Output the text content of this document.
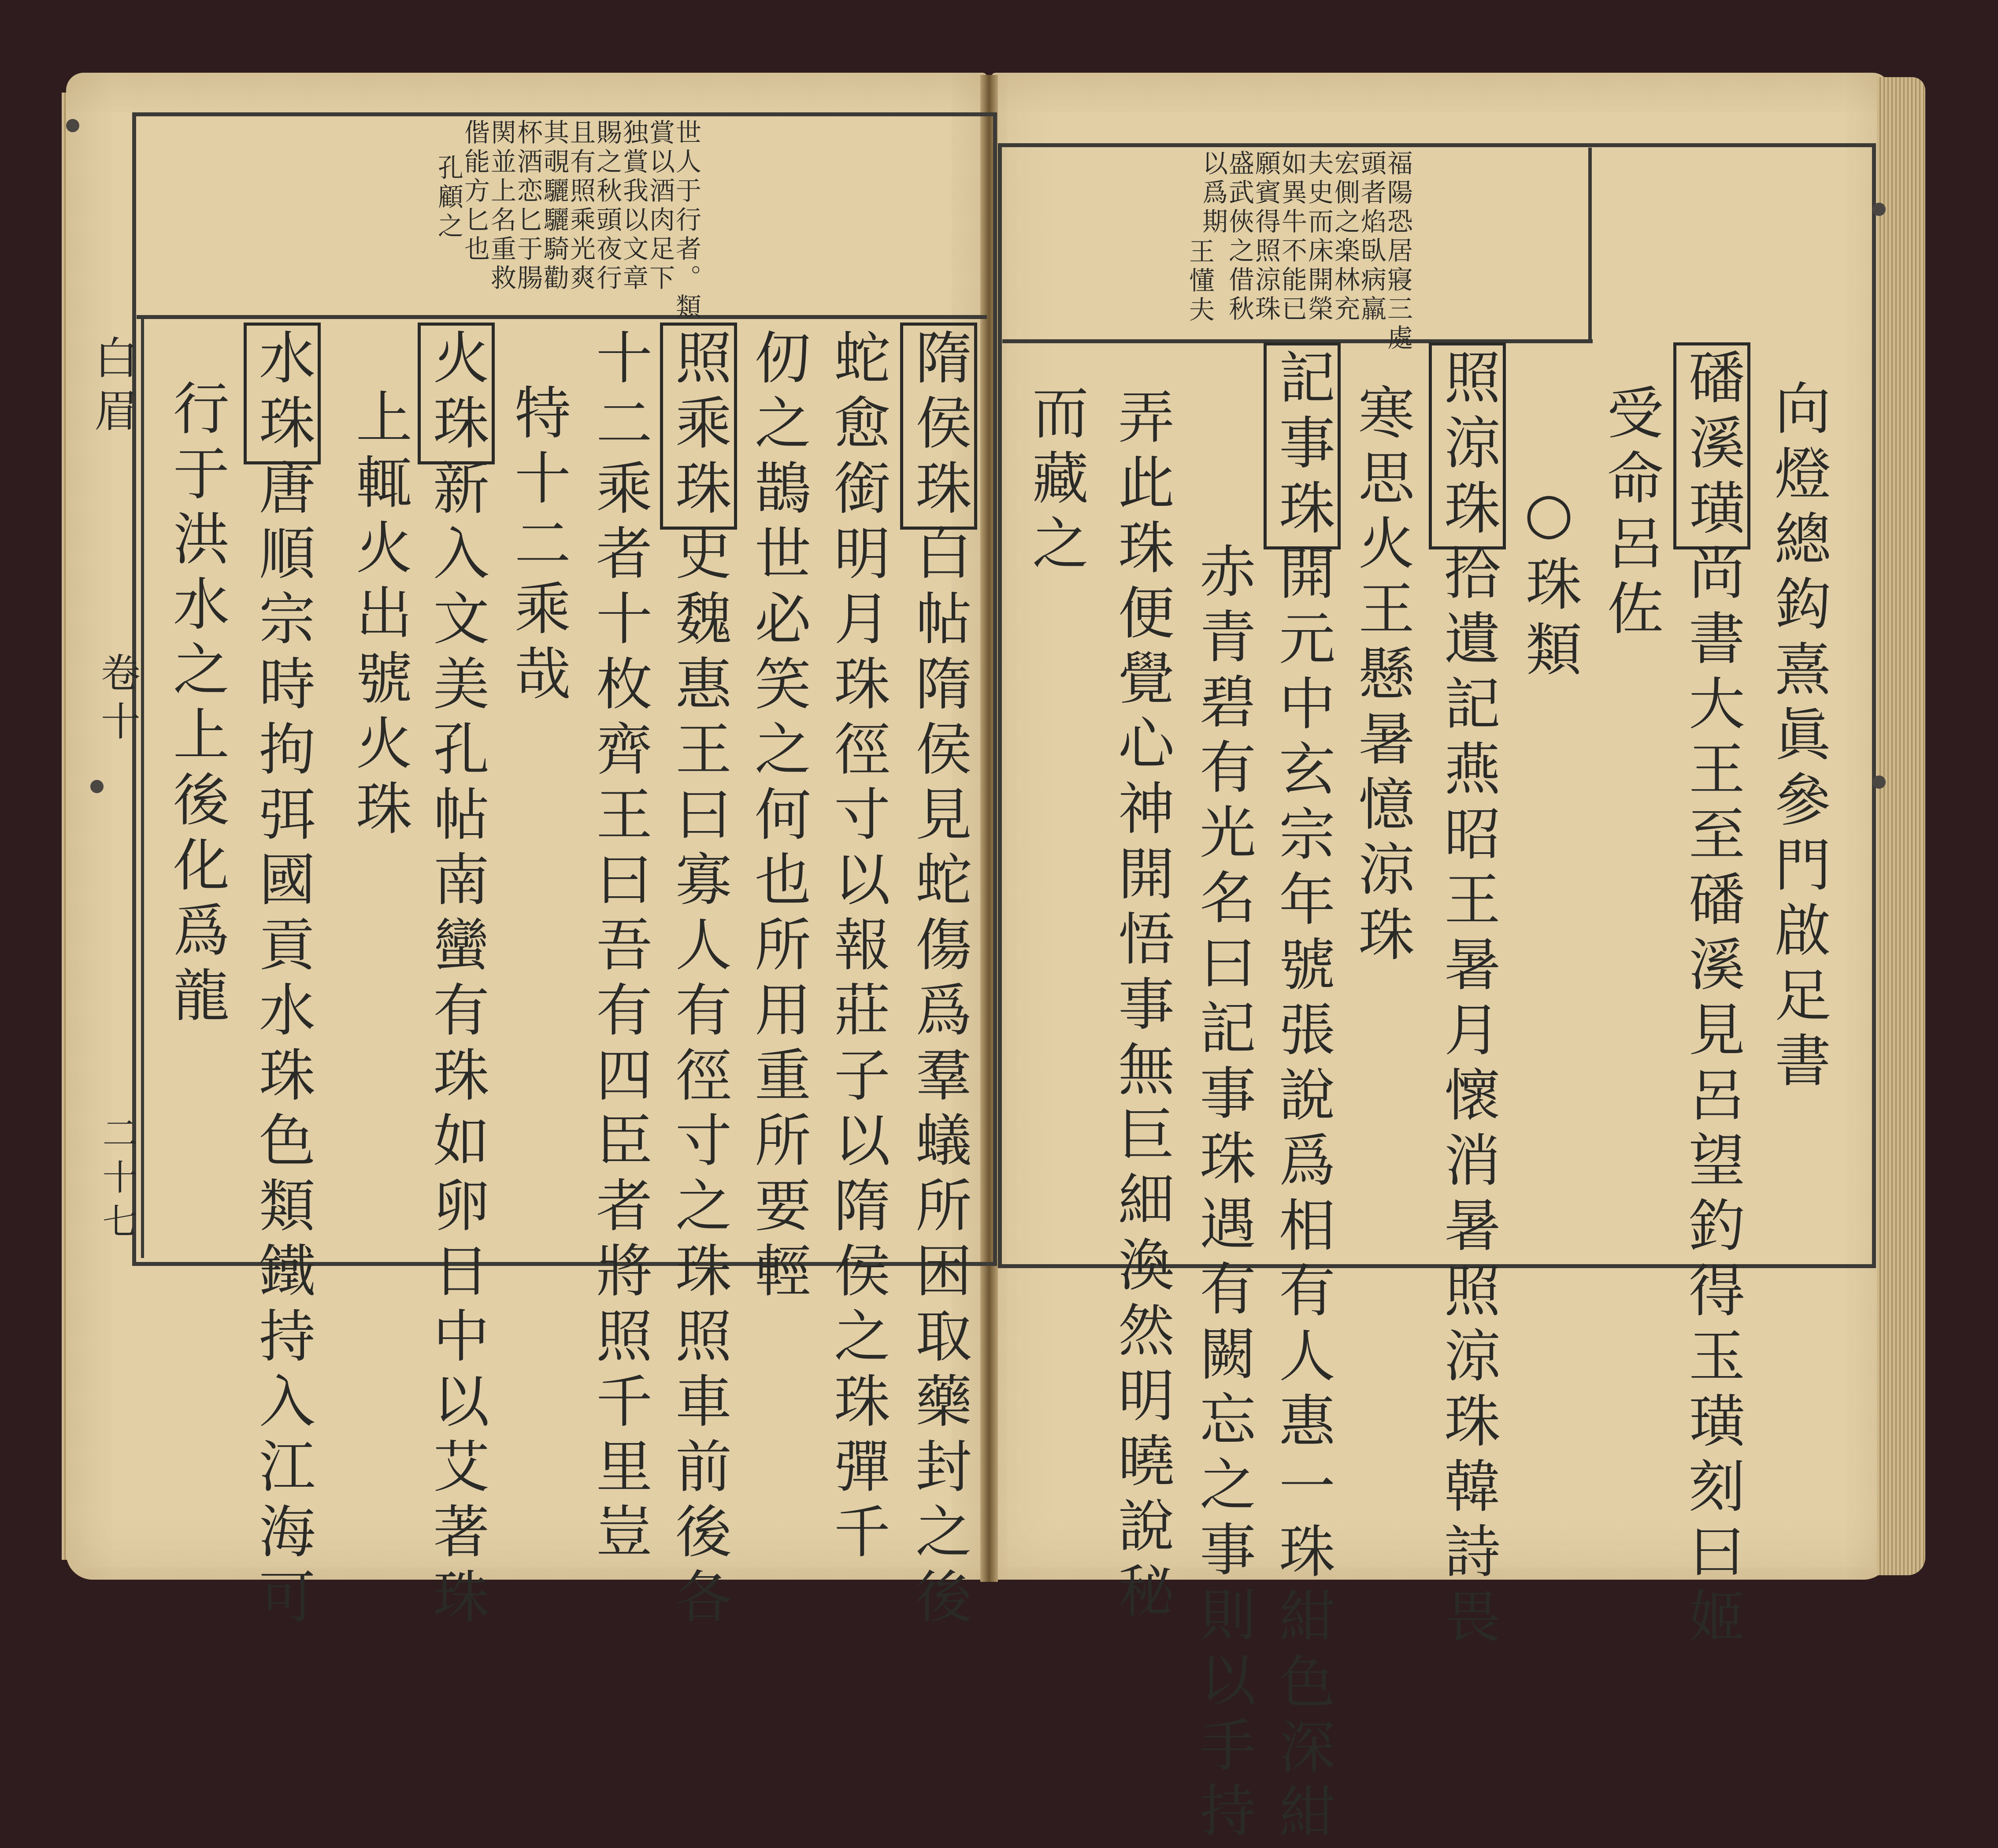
白眉
卷十
二十七
世人于行者。類
賞以酒肉足下
独賞我以文章
賜之秋頭夜行
且有照乘光爽
其覗驪驪騎勸
杯酒恋匕于腸
関並上名重救
偕能方匕也
孔顧之
隋侯珠白帖隋侯見蛇傷爲羣蟻所困取藥封之後
蛇愈銜明月珠徑寸以報莊子以隋侯之珠彈千
仞之鵲世必笑之何也所用重所要輕
照乘珠史魏惠王曰寡人有徑寸之珠照車前後各
十二乘者十枚齊王曰吾有四臣者將照千里豈
特十二乘哉
火珠新入文美孔帖南蠻有珠如卵日中以艾著珠
上輒火出號火珠
水珠唐順宗時拘弭國貢水珠色類鐵持入江海可
行于洪水之上後化爲龍
福陽恐居寢三處
頭者焰臥病羸
宏側之楽林充
夫史而床開榮
如異牛不能已
願賓得照涼珠
盛武俠之借秋
以爲期
王懂夫
向燈總鈎熹眞參門啟足書
磻溪璜尚書大王至磻溪見呂望釣得玉璜刻曰姬
受命呂佐
○珠類
照涼珠拾遺記燕昭王暑月懷消暑照涼珠韓詩畏
寒思火王懸暑憶涼珠
記事珠開元中玄宗年號張說爲相有人惠一珠紺色深紺
赤青碧有光名曰記事珠遇有闕忘之事則以手持
弄此珠便覺心神開悟事無巨細渙然明曉說秘
而藏之
